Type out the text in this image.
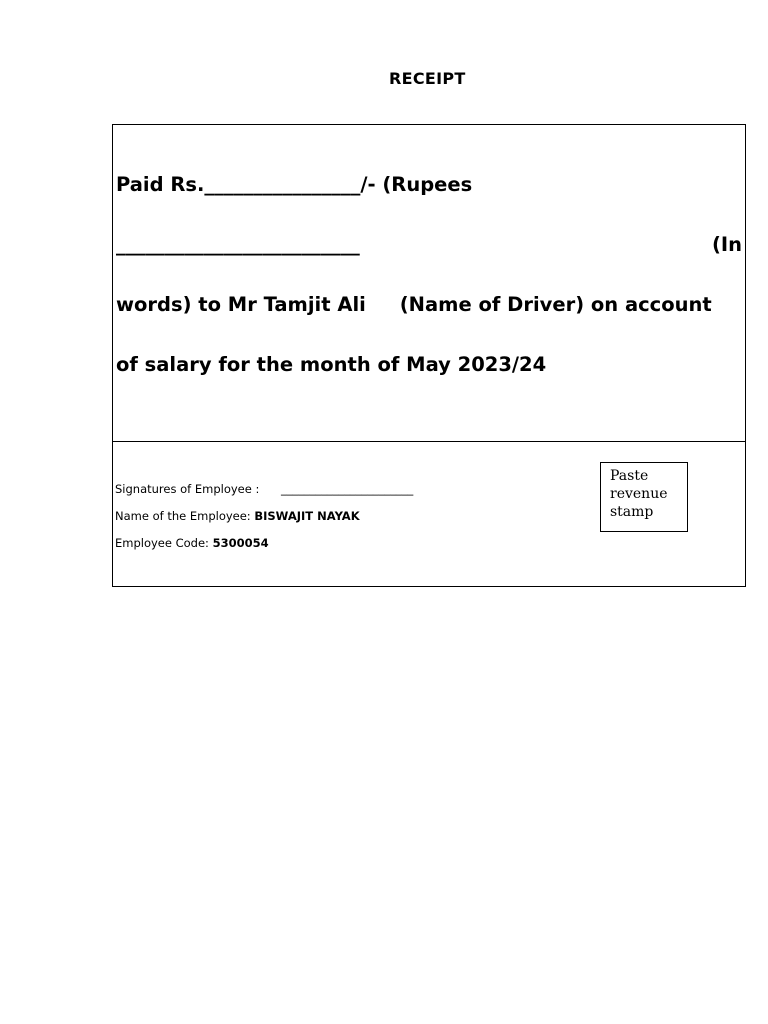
RECEIPT
Paid Rs.________________/- (Rupees
_________________________	(In
words) to Mr Tamjit Ali     (Name of Driver) on account
of salary for the month of May 2023/24
Signatures of Employee : _______________________
Name of the Employee: BISWAJIT NAYAK
Employee Code: 5300054
Paste
revenue
stamp
